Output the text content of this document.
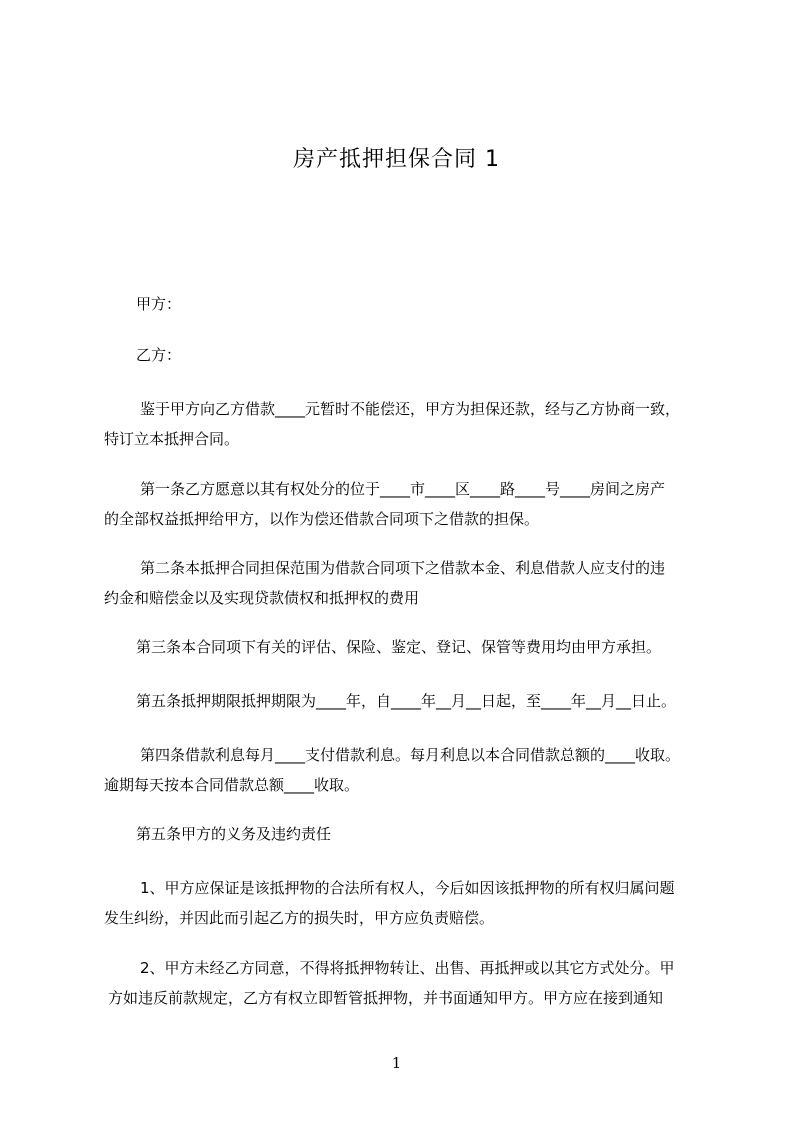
房产抵押担保合同 1
甲方：
乙方：
鉴于甲方向乙方借款____元暂时不能偿还，甲方为担保还款，经与乙方协商一致，
特订立本抵押合同。
第一条乙方愿意以其有权处分的位于____市____区____路____号____房间之房产
的全部权益抵押给甲方，以作为偿还借款合同项下之借款的担保。
第二条本抵押合同担保范围为借款合同项下之借款本金、利息借款人应支付的违
约金和赔偿金以及实现贷款债权和抵押权的费用
第三条本合同项下有关的评估、保险、鉴定、登记、保管等费用均由甲方承担。
第五条抵押期限抵押期限为____年，自____年__月__日起，至____年__月__日止。
第四条借款利息每月____支付借款利息。每月利息以本合同借款总额的____收取。
逾期每天按本合同借款总额____收取。
第五条甲方的义务及违约责任
1、甲方应保证是该抵押物的合法所有权人，今后如因该抵押物的所有权归属问题
发生纠纷，并因此而引起乙方的损失时，甲方应负责赔偿。
2、甲方未经乙方同意，不得将抵押物转让、出售、再抵押或以其它方式处分。甲
方如违反前款规定，乙方有权立即暂管抵押物，并书面通知甲方。甲方应在接到通知
1
